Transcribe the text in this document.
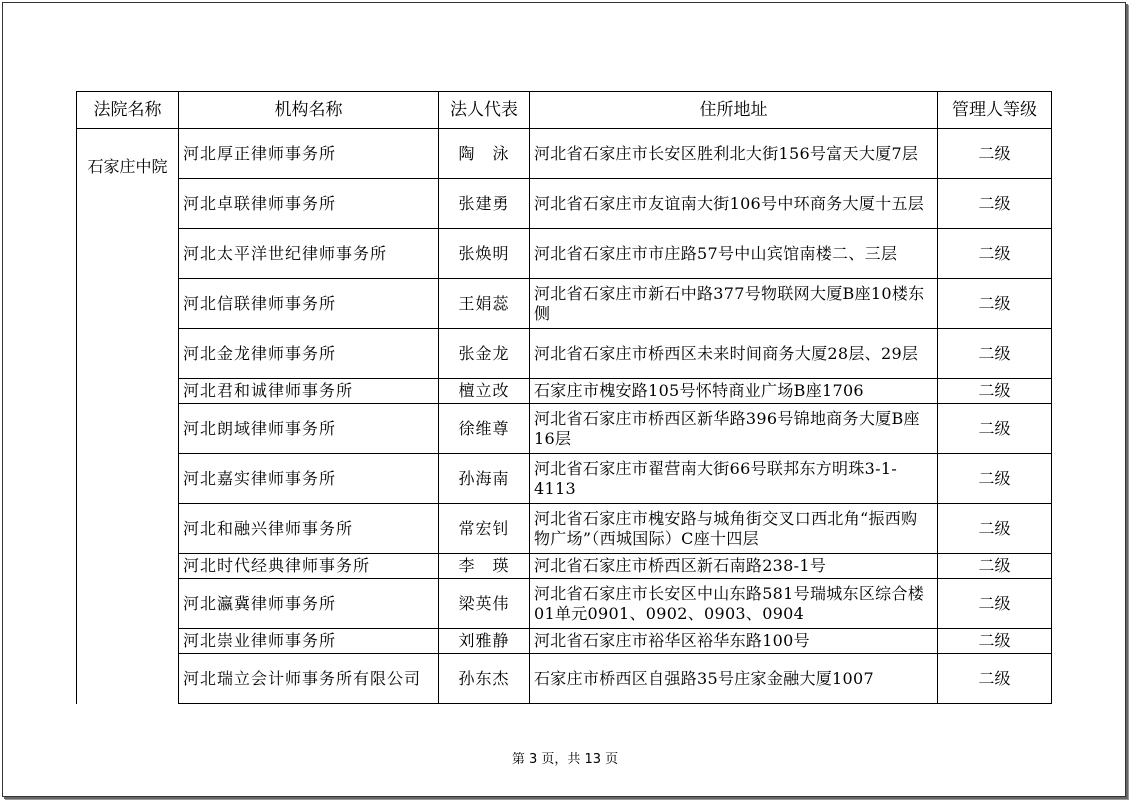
法院名称	机构名称	法人代表	住所地址	管理人等级
石家庄中院	河北厚正律师事务所	陶　泳	河北省石家庄市长安区胜利北大街156号富天大厦7层	二级
	河北卓联律师事务所	张建勇	河北省石家庄市友谊南大街106号中环商务大厦十五层	二级
	河北太平洋世纪律师事务所	张焕明	河北省石家庄市市庄路57号中山宾馆南楼二、三层	二级
	河北信联律师事务所	王娟蕊	河北省石家庄市新石中路377号物联网大厦B座10楼东侧	二级
	河北金龙律师事务所	张金龙	河北省石家庄市桥西区未来时间商务大厦28层、29层	二级
	河北君和诚律师事务所	檀立改	石家庄市槐安路105号怀特商业广场B座1706	二级
	河北朗域律师事务所	徐维尊	河北省石家庄市桥西区新华路396号锦地商务大厦B座16层	二级
	河北嘉实律师事务所	孙海南	河北省石家庄市翟营南大街66号联邦东方明珠3-1-4113	二级
	河北和融兴律师事务所	常宏钊	河北省石家庄市槐安路与城角街交叉口西北角“振西购物广场”（西城国际）C座十四层	二级
	河北时代经典律师事务所	李　瑛	河北省石家庄市桥西区新石南路238-1号	二级
	河北瀛冀律师事务所	梁英伟	河北省石家庄市长安区中山东路581号瑞城东区综合楼01单元0901、0902、0903、0904	二级
	河北崇业律师事务所	刘雅静	河北省石家庄市裕华区裕华东路100号	二级
	河北瑞立会计师事务所有限公司	孙东杰	石家庄市桥西区自强路35号庄家金融大厦1007	二级
第 3 页，共 13 页
